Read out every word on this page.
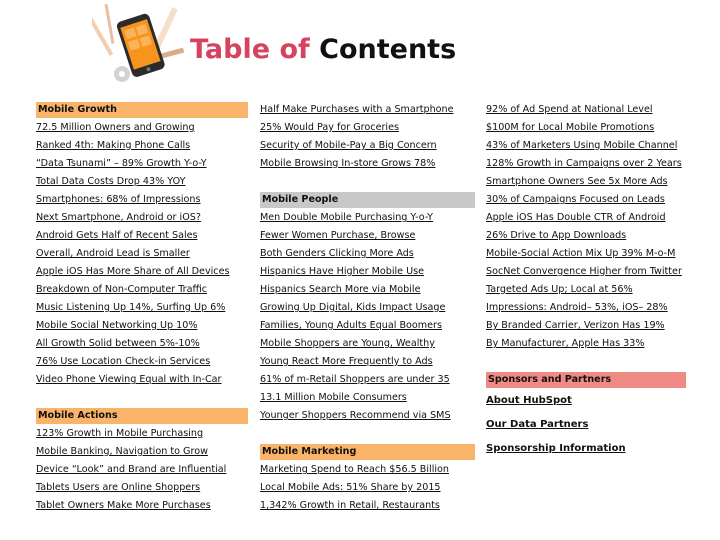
Table of Contents
Mobile Growth
72.5 Million Owners and Growing
Ranked 4th: Making Phone Calls
“Data Tsunami” – 89% Growth Y-o-Y
Total Data Costs Drop 43% YOY
Smartphones: 68% of Impressions
Next Smartphone, Android or iOS?
Android Gets Half of Recent Sales
Overall, Android Lead is Smaller
Apple iOS Has More Share of All Devices
Breakdown of Non-Computer Traffic
Music Listening Up 14%, Surfing Up 6%
Mobile Social Networking Up 10%
All Growth Solid between 5%-10%
76% Use Location Check-in Services
Video Phone Viewing Equal with In-Car
Mobile Actions
123% Growth in Mobile Purchasing
Mobile Banking, Navigation to Grow
Device “Look” and Brand are Influential
Tablets Users are Online Shoppers
Tablet Owners Make More Purchases
Half Make Purchases with a Smartphone
25% Would Pay for Groceries
Security of Mobile-Pay a Big Concern
Mobile Browsing In-store Grows 78%
Mobile People
Men Double Mobile Purchasing Y-o-Y
Fewer Women Purchase, Browse
Both Genders Clicking More Ads
Hispanics Have Higher Mobile Use
Hispanics Search More via Mobile
Growing Up Digital, Kids Impact Usage
Families, Young Adults Equal Boomers
Mobile Shoppers are Young, Wealthy
Young React More Frequently to Ads
61% of m-Retail Shoppers are under 35
13.1 Million Mobile Consumers
Younger Shoppers Recommend via SMS
Mobile Marketing
Marketing Spend to Reach $56.5 Billion
Local Mobile Ads: 51% Share by 2015
1,342% Growth in Retail, Restaurants
92% of Ad Spend at National Level
$100M for Local Mobile Promotions
43% of Marketers Using Mobile Channel
128% Growth in Campaigns over 2 Years
Smartphone Owners See 5x More Ads
30% of Campaigns Focused on Leads
Apple iOS Has Double CTR of Android
26% Drive to App Downloads
Mobile-Social Action Mix Up 39% M-o-M
SocNet Convergence Higher from Twitter
Targeted Ads Up; Local at 56%
Impressions: Android– 53%, iOS– 28%
By Branded Carrier, Verizon Has 19%
By Manufacturer, Apple Has 33%
Sponsors and Partners
About HubSpot
Our Data Partners
Sponsorship Information
